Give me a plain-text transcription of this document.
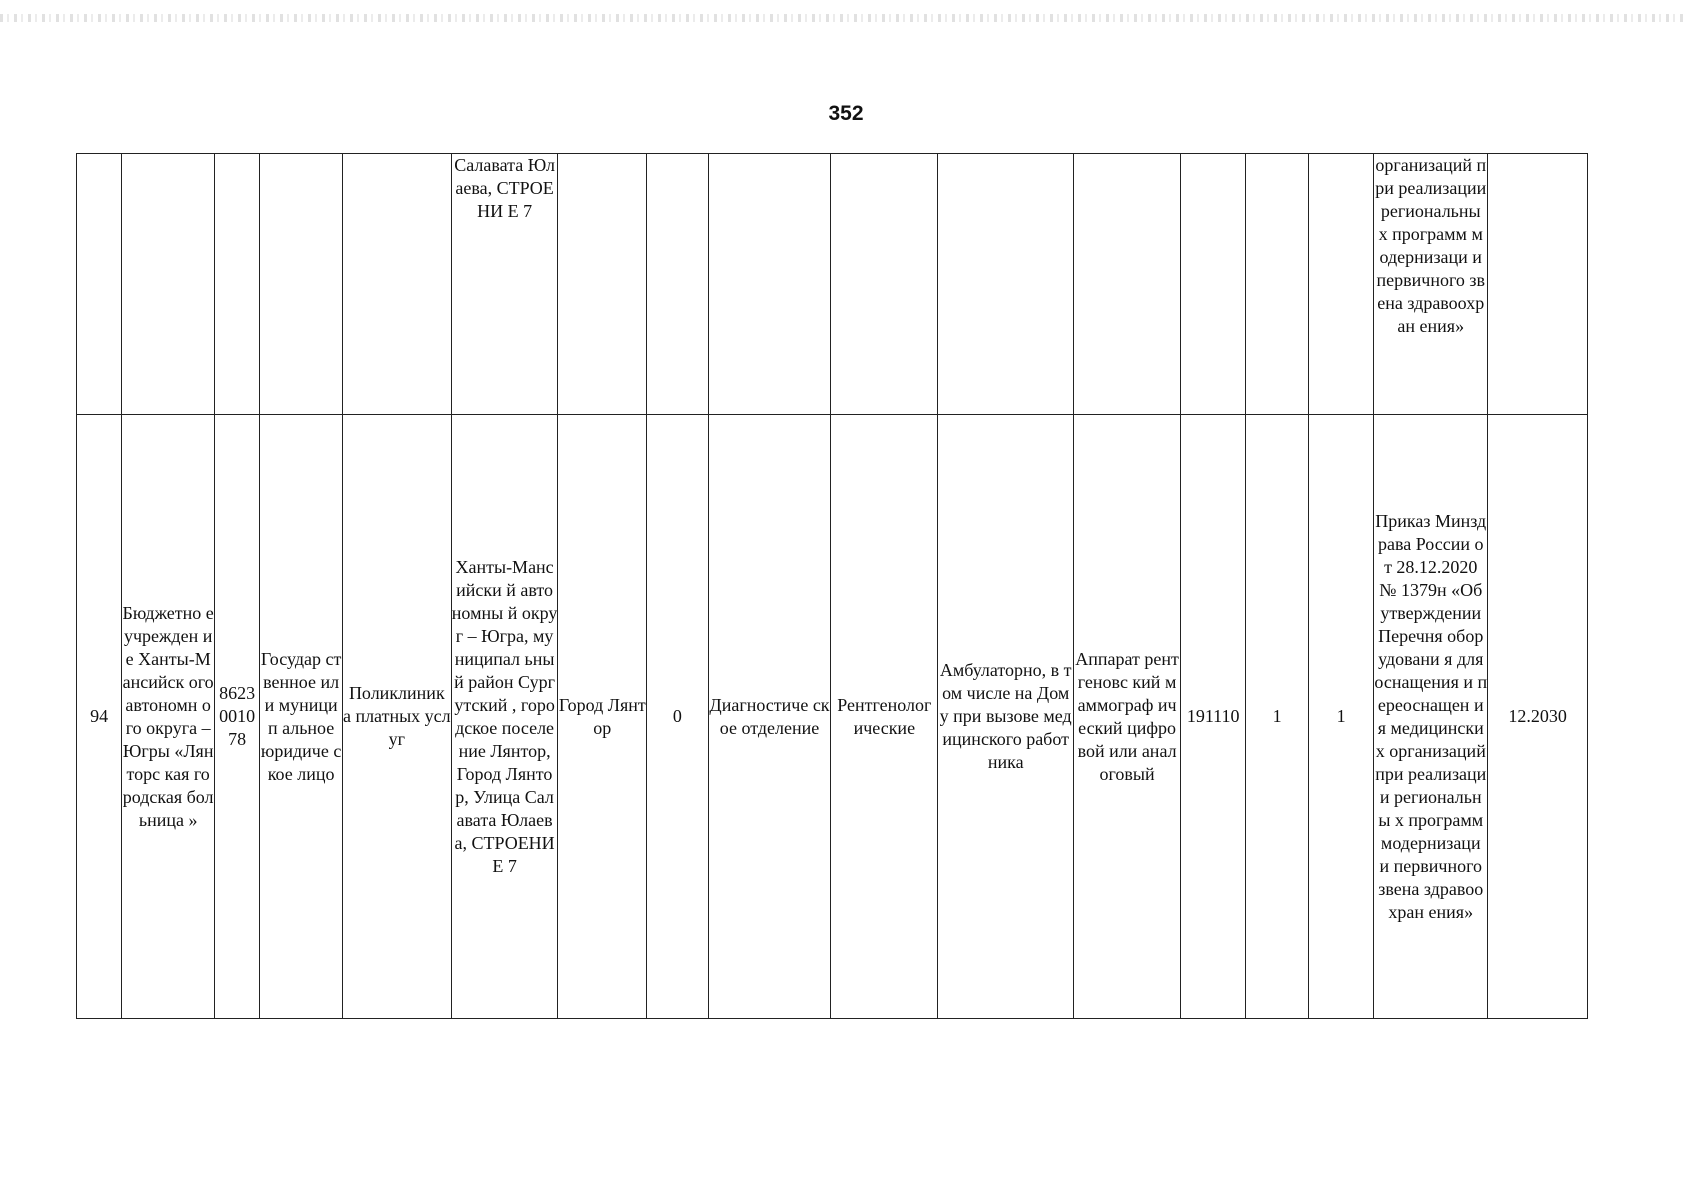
352
					Салавата Юлаева, СТРОЕНИ Е 7										организаций при реализации региональны х программ модернизаци и первичного звена здравоохран ения»	
94	Бюджетно е учрежден ие Ханты-Мансийск ого автономн ого округа – Югры «Лянторс кая городская больница »	8623001078	Государ ственное или муницип альное юридиче ское лицо	Поликлиник а платных услуг	Ханты-Мансийски й автономны й округ – Югра, муниципал ьный район Сургутский , городское поселение Лянтор, Город Лянтор, Улица Салавата Юлаева, СТРОЕНИ Е 7	Город Лянтор	0	Диагностиче ское отделение	Рентгенолог ические	Амбулаторно, в том числе на Дому при вызове медицинского работника	Аппарат рентгеновс кий маммограф ический цифровой или аналоговый	191110	1	1	Приказ Минздрава России от 28.12.2020 № 1379н «Об утверждении Перечня оборудовани я для оснащения и переоснащен ия медицински х организаций при реализации региональны х программ модернизаци и первичного звена здравоохран ения»	12.2030
